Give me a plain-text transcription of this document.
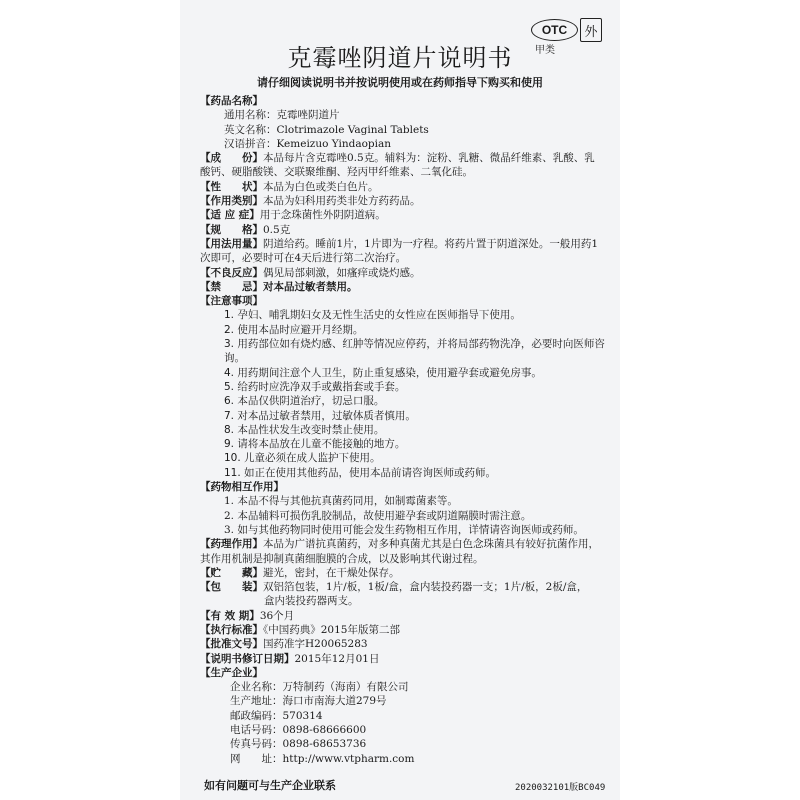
OTC	外
甲类
克霉唑阴道片说明书
请仔细阅读说明书并按说明使用或在药师指导下购买和使用
【药品名称】
通用名称：克霉唑阴道片
英文名称：Clotrimazole Vaginal Tablets
汉语拼音：Kemeizuo Yindaopian
【成　　份】本品每片含克霉唑0.5克。辅料为：淀粉、乳糖、微晶纤维素、乳酸、乳酸钙、硬脂酸镁、交联聚维酮、羟丙甲纤维素、二氧化硅。
【性　　状】本品为白色或类白色片。
【作用类别】本品为妇科用药类非处方药药品。
【适 应 症】用于念珠菌性外阴阴道病。
【规　　格】0.5克
【用法用量】阴道给药。睡前1片，1片即为一疗程。将药片置于阴道深处。一般用药1次即可，必要时可在4天后进行第二次治疗。
【不良反应】偶见局部刺激，如瘙痒或烧灼感。
【禁　　忌】对本品过敏者禁用。
【注意事项】
1. 孕妇、哺乳期妇女及无性生活史的女性应在医师指导下使用。
2. 使用本品时应避开月经期。
3. 用药部位如有烧灼感、红肿等情况应停药，并将局部药物洗净，必要时向医师咨询。
4. 用药期间注意个人卫生，防止重复感染，使用避孕套或避免房事。
5. 给药时应洗净双手或戴指套或手套。
6. 本品仅供阴道治疗，切忌口服。
7. 对本品过敏者禁用，过敏体质者慎用。
8. 本品性状发生改变时禁止使用。
9. 请将本品放在儿童不能接触的地方。
10. 儿童必须在成人监护下使用。
11. 如正在使用其他药品，使用本品前请咨询医师或药师。
【药物相互作用】
1. 本品不得与其他抗真菌药同用，如制霉菌素等。
2. 本品辅料可损伤乳胶制品，故使用避孕套或阴道隔膜时需注意。
3. 如与其他药物同时使用可能会发生药物相互作用，详情请咨询医师或药师。
【药理作用】本品为广谱抗真菌药，对多种真菌尤其是白色念珠菌具有较好抗菌作用，其作用机制是抑制真菌细胞膜的合成，以及影响其代谢过程。
【贮　　藏】避光，密封，在干燥处保存。
【包　　装】双铝箔包装，1片/板，1板/盒，盒内装投药器一支；1片/板，2板/盒，
盒内装投药器两支。
【有 效 期】36个月
【执行标准】《中国药典》2015年版第二部
【批准文号】国药准字H20065283
【说明书修订日期】2015年12月01日
【生产企业】
企业名称：万特制药（海南）有限公司
生产地址：海口市南海大道279号
邮政编码：570314
电话号码：0898-68666600
传真号码：0898-68653736
网　　址：http://www.vtpharm.com
如有问题可与生产企业联系	2020032101版BC049
